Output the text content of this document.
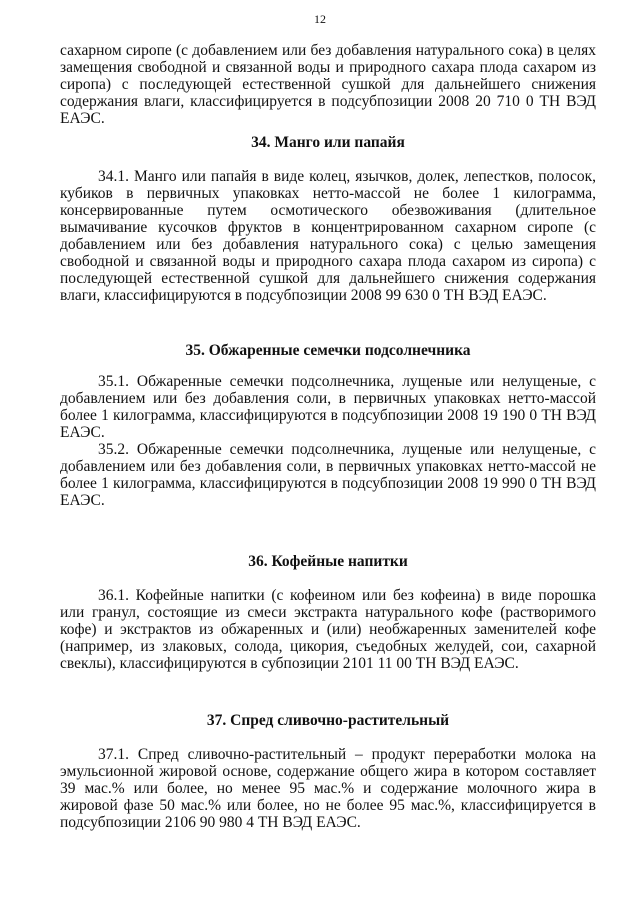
12

сахарном сиропе (с добавлением или без добавления натурального сока) в целях замещения свободной и связанной воды и природного сахара плода сахаром из сиропа) с последующей естественной сушкой для дальнейшего снижения содержания влаги, классифицируется в подсубпозиции 2008 20 710 0 ТН ВЭД ЕАЭС.

34. Манго или папайя

34.1. Манго или папайя в виде колец, язычков, долек, лепестков, полосок, кубиков в первичных упаковках нетто-массой не более 1 килограмма, консервированные путем осмотического обезвоживания (длительное вымачивание кусочков фруктов в концентрированном сахарном сиропе (с добавлением или без добавления натурального сока) с целью замещения свободной и связанной воды и природного сахара плода сахаром из сиропа) с последующей естественной сушкой для дальнейшего снижения содержания влаги, классифицируются в подсубпозиции 2008 99 630 0 ТН ВЭД ЕАЭС.

35. Обжаренные семечки подсолнечника

35.1. Обжаренные семечки подсолнечника, лущеные или нелущеные, с добавлением или без добавления соли, в первичных упаковках нетто-массой более 1 килограмма, классифицируются в подсубпозиции 2008 19 190 0 ТН ВЭД ЕАЭС.

35.2. Обжаренные семечки подсолнечника, лущеные или нелущеные, с добавлением или без добавления соли, в первичных упаковках нетто-массой не более 1 килограмма, классифицируются в подсубпозиции 2008 19 990 0 ТН ВЭД ЕАЭС.

36. Кофейные напитки

36.1. Кофейные напитки (с кофеином или без кофеина) в виде порошка или гранул, состоящие из смеси экстракта натурального кофе (растворимого кофе) и экстрактов из обжаренных и (или) необжаренных заменителей кофе (например, из злаковых, солода, цикория, съедобных желудей, сои, сахарной свеклы), классифицируются в субпозиции 2101 11 00 ТН ВЭД ЕАЭС.

37. Спред сливочно-растительный

37.1. Спред сливочно-растительный – продукт переработки молока на эмульсионной жировой основе, содержание общего жира в котором составляет 39 мас.% или более, но менее 95 мас.% и содержание молочного жира в жировой фазе 50 мас.% или более, но не более 95 мас.%, классифицируется в подсубпозиции 2106 90 980 4 ТН ВЭД ЕАЭС.
